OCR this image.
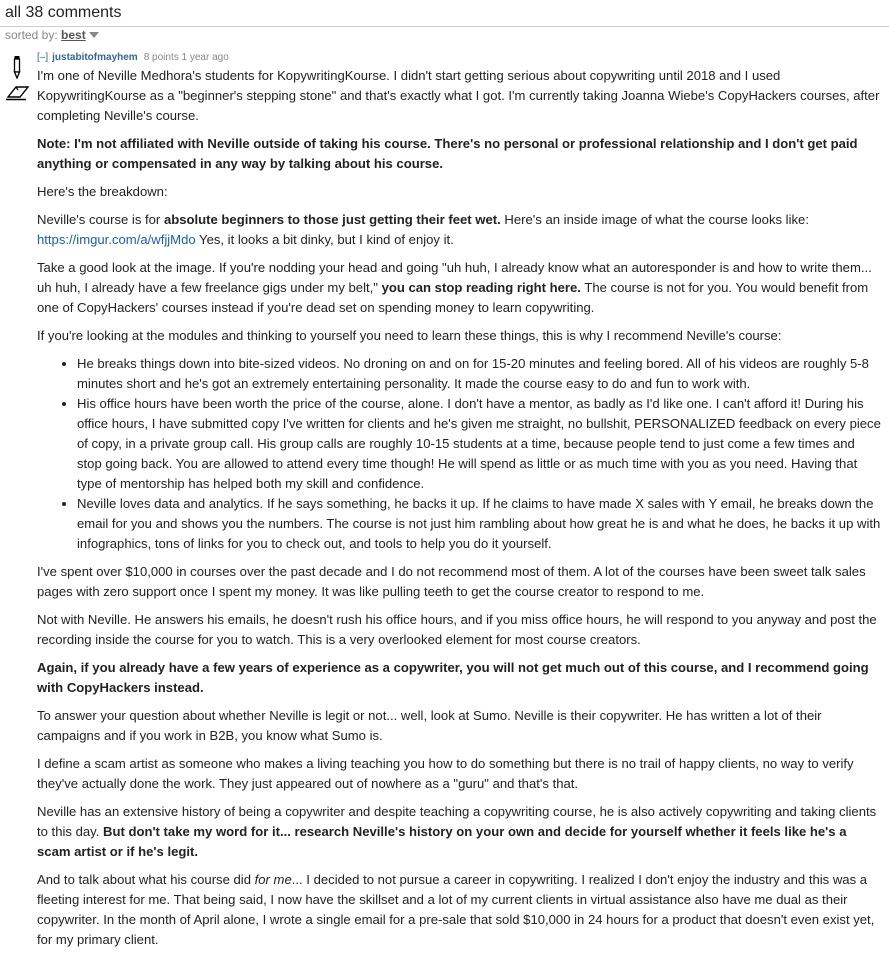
all 38 comments
sorted by: best
[–] justabitofmayhem 8 points 1 year ago

I'm one of Neville Medhora's students for KopywritingKourse. I didn't start getting serious about copywriting until 2018 and I used KopywritingKourse as a "beginner's stepping stone" and that's exactly what I got. I'm currently taking Joanna Wiebe's CopyHackers courses, after completing Neville's course.

Note: I'm not affiliated with Neville outside of taking his course. There's no personal or professional relationship and I don't get paid anything or compensated in any way by talking about his course.

Here's the breakdown:

Neville's course is for absolute beginners to those just getting their feet wet. Here's an inside image of what the course looks like: https://imgur.com/a/wfjjMdo Yes, it looks a bit dinky, but I kind of enjoy it.

Take a good look at the image. If you're nodding your head and going "uh huh, I already know what an autoresponder is and how to write them... uh huh, I already have a few freelance gigs under my belt," you can stop reading right here. The course is not for you. You would benefit from one of CopyHackers' courses instead if you're dead set on spending money to learn copywriting.

If you're looking at the modules and thinking to yourself you need to learn these things, this is why I recommend Neville's course:

• He breaks things down into bite-sized videos. No droning on and on for 15-20 minutes and feeling bored. All of his videos are roughly 5-8 minutes short and he's got an extremely entertaining personality. It made the course easy to do and fun to work with.
• His office hours have been worth the price of the course, alone. I don't have a mentor, as badly as I'd like one. I can't afford it! During his office hours, I have submitted copy I've written for clients and he's given me straight, no bullshit, PERSONALIZED feedback on every piece of copy, in a private group call. His group calls are roughly 10-15 students at a time, because people tend to just come a few times and stop going back. You are allowed to attend every time though! He will spend as little or as much time with you as you need. Having that type of mentorship has helped both my skill and confidence.
• Neville loves data and analytics. If he says something, he backs it up. If he claims to have made X sales with Y email, he breaks down the email for you and shows you the numbers. The course is not just him rambling about how great he is and what he does, he backs it up with infographics, tons of links for you to check out, and tools to help you do it yourself.

I've spent over $10,000 in courses over the past decade and I do not recommend most of them. A lot of the courses have been sweet talk sales pages with zero support once I spent my money. It was like pulling teeth to get the course creator to respond to me.

Not with Neville. He answers his emails, he doesn't rush his office hours, and if you miss office hours, he will respond to you anyway and post the recording inside the course for you to watch. This is a very overlooked element for most course creators.

Again, if you already have a few years of experience as a copywriter, you will not get much out of this course, and I recommend going with CopyHackers instead.

To answer your question about whether Neville is legit or not... well, look at Sumo. Neville is their copywriter. He has written a lot of their campaigns and if you work in B2B, you know what Sumo is.

I define a scam artist as someone who makes a living teaching you how to do something but there is no trail of happy clients, no way to verify they've actually done the work. They just appeared out of nowhere as a "guru" and that's that.

Neville has an extensive history of being a copywriter and despite teaching a copywriting course, he is also actively copywriting and taking clients to this day. But don't take my word for it... research Neville's history on your own and decide for yourself whether it feels like he's a scam artist or if he's legit.

And to talk about what his course did for me... I decided to not pursue a career in copywriting. I realized I don't enjoy the industry and this was a fleeting interest for me. That being said, I now have the skillset and a lot of my current clients in virtual assistance also have me dual as their copywriter. In the month of April alone, I wrote a single email for a pre-sale that sold $10,000 in 24 hours for a product that doesn't even exist yet, for my primary client.
